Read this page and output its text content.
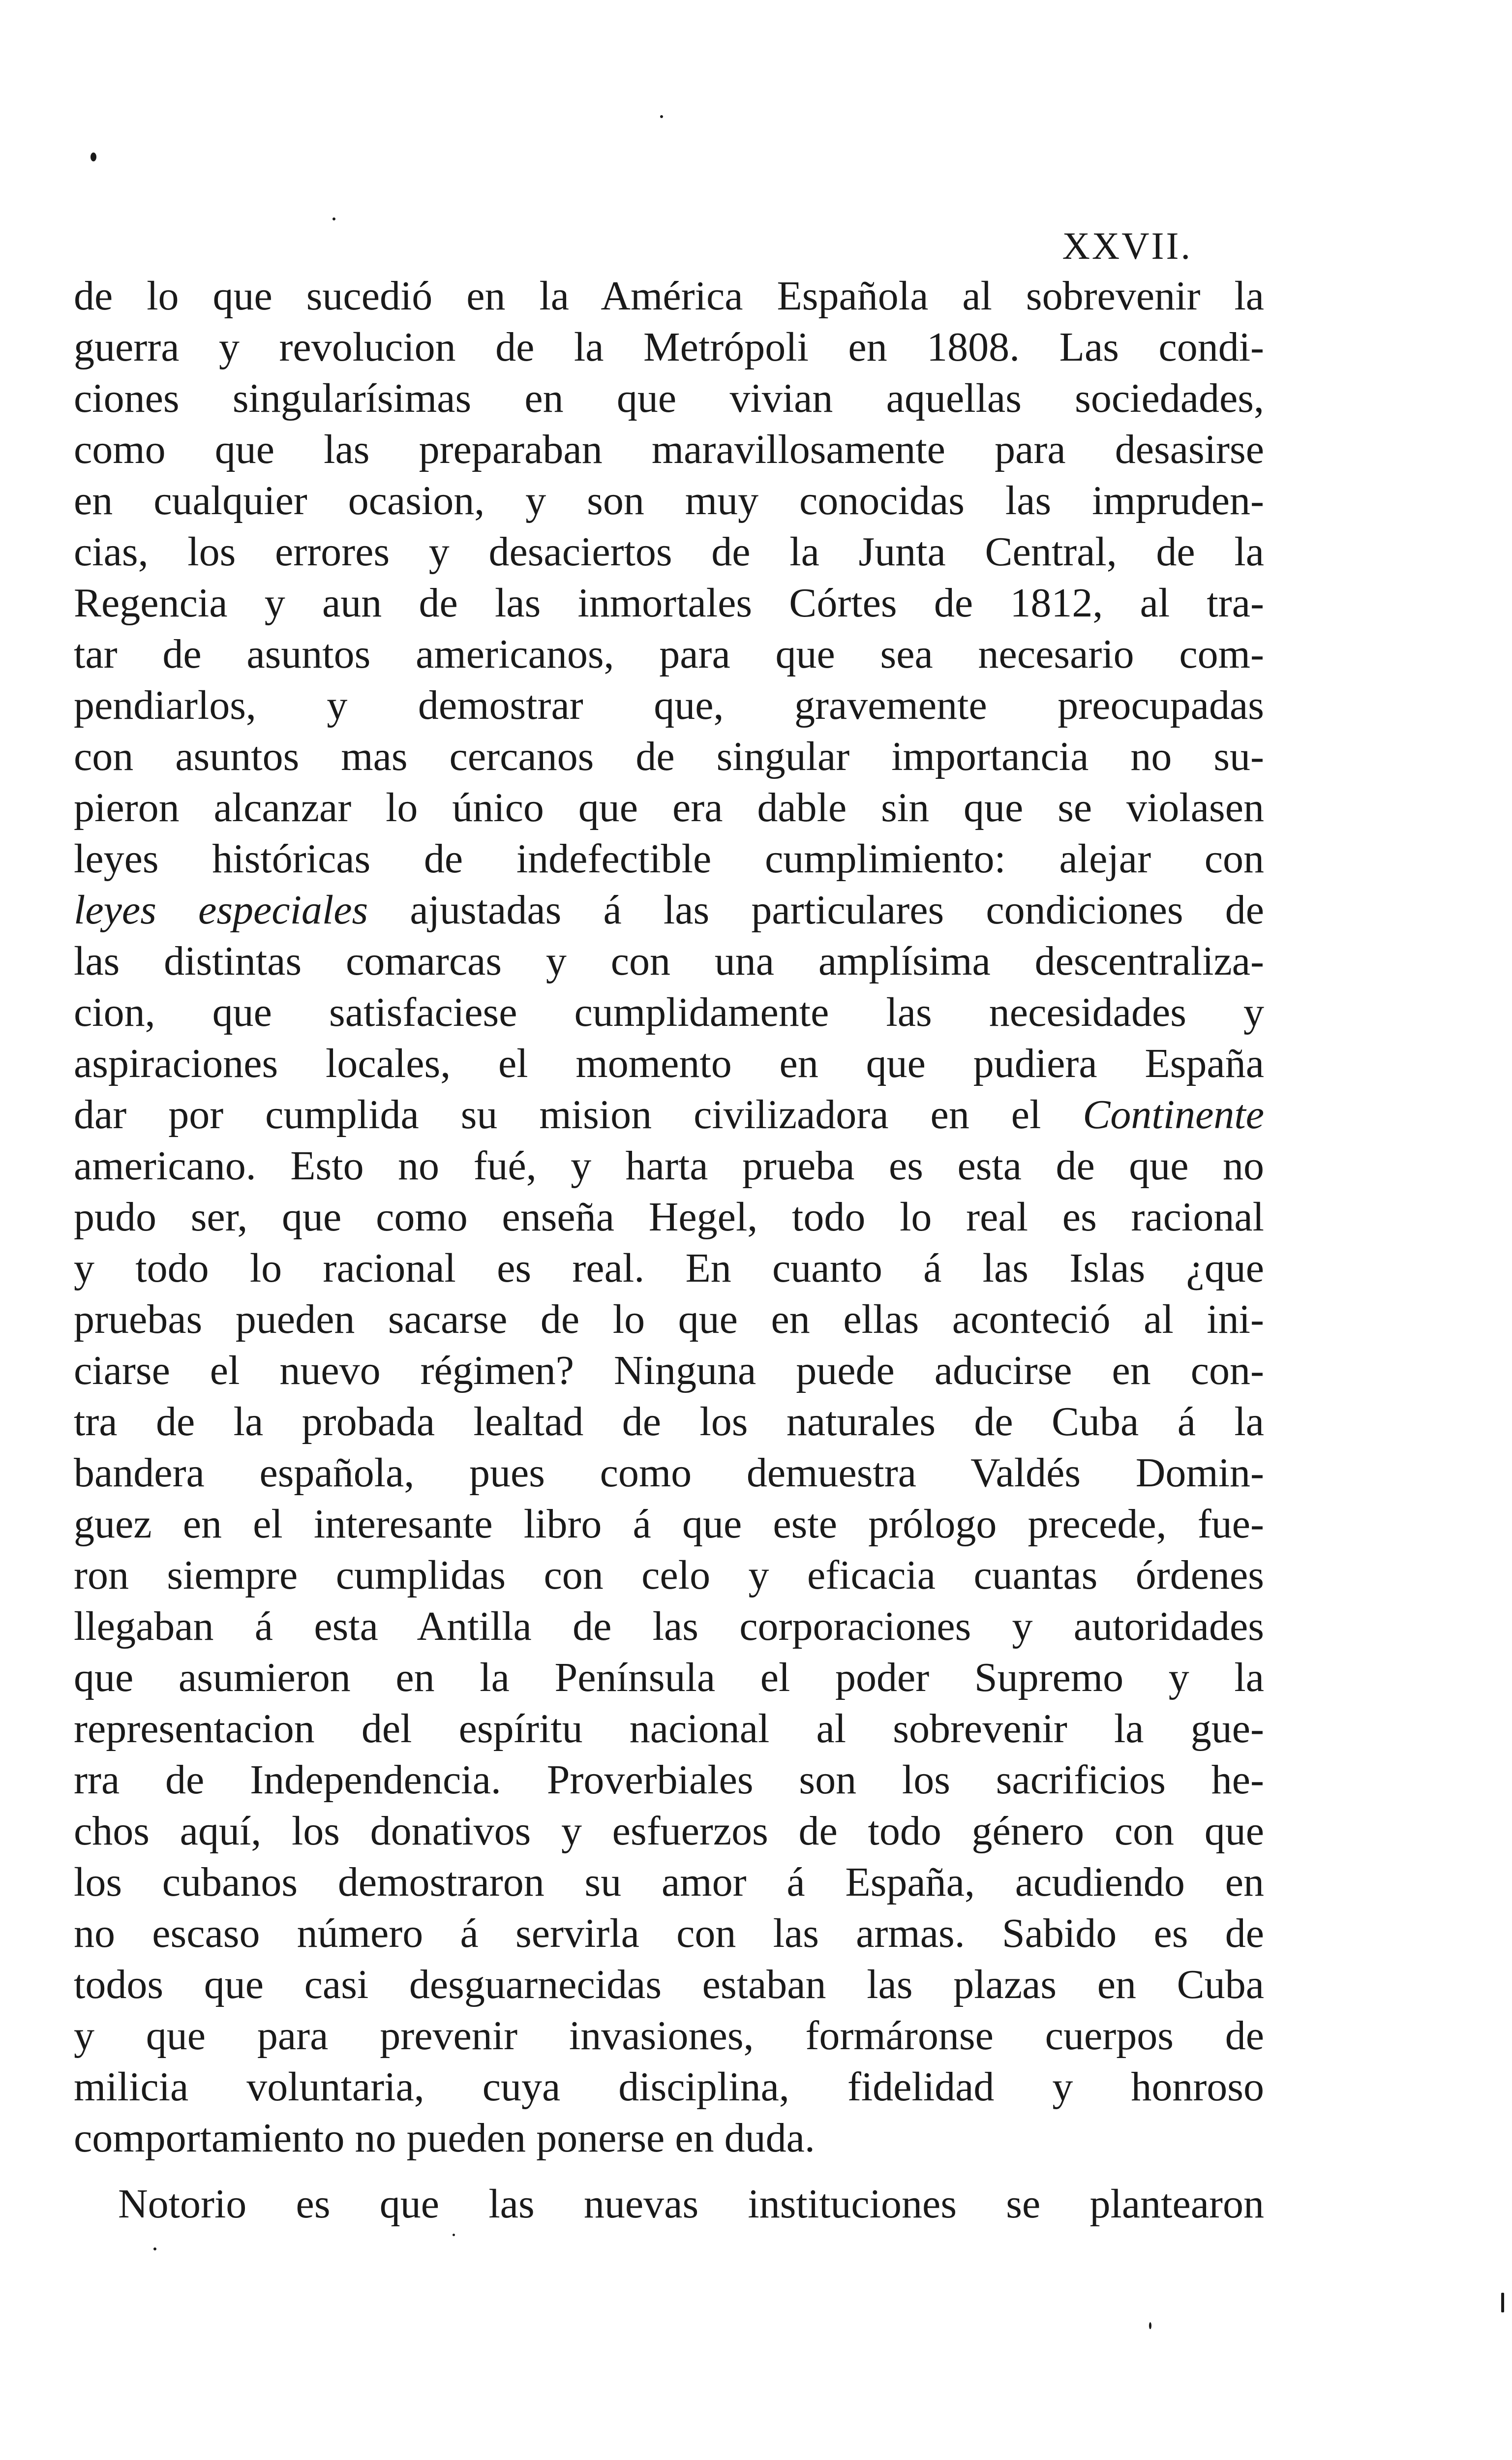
XXVII.
de lo que sucedió en la América Española al sobrevenir la
guerra y revolucion de la Metrópoli en 1808. Las condi-
ciones singularísimas en que vivian aquellas sociedades,
como que las preparaban maravillosamente para desasirse
en cualquier ocasion, y son muy conocidas las impruden-
cias, los errores y desaciertos de la Junta Central, de la
Regencia y aun de las inmortales Córtes de 1812, al tra-
tar de asuntos americanos, para que sea necesario com-
pendiarlos, y demostrar que, gravemente preocupadas
con asuntos mas cercanos de singular importancia no su-
pieron alcanzar lo único que era dable sin que se violasen
leyes históricas de indefectible cumplimiento: alejar con
leyes especiales ajustadas á las particulares condiciones de
las distintas comarcas y con una amplísima descentraliza-
cion, que satisfaciese cumplidamente las necesidades y
aspiraciones locales, el momento en que pudiera España
dar por cumplida su mision civilizadora en el Continente
americano. Esto no fué, y harta prueba es esta de que no
pudo ser, que como enseña Hegel, todo lo real es racional
y todo lo racional es real. En cuanto á las Islas ¿que
pruebas pueden sacarse de lo que en ellas aconteció al ini-
ciarse el nuevo régimen? Ninguna puede aducirse en con-
tra de la probada lealtad de los naturales de Cuba á la
bandera española, pues como demuestra Valdés Domin-
guez en el interesante libro á que este prólogo precede, fue-
ron siempre cumplidas con celo y eficacia cuantas órdenes
llegaban á esta Antilla de las corporaciones y autoridades
que asumieron en la Península el poder Supremo y la
representacion del espíritu nacional al sobrevenir la gue-
rra de Independencia. Proverbiales son los sacrificios he-
chos aquí, los donativos y esfuerzos de todo género con que
los cubanos demostraron su amor á España, acudiendo en
no escaso número á servirla con las armas. Sabido es de
todos que casi desguarnecidas estaban las plazas en Cuba
y que para prevenir invasiones, formáronse cuerpos de
milicia voluntaria, cuya disciplina, fidelidad y honroso
comportamiento no pueden ponerse en duda.
Notorio es que las nuevas instituciones se plantearon
